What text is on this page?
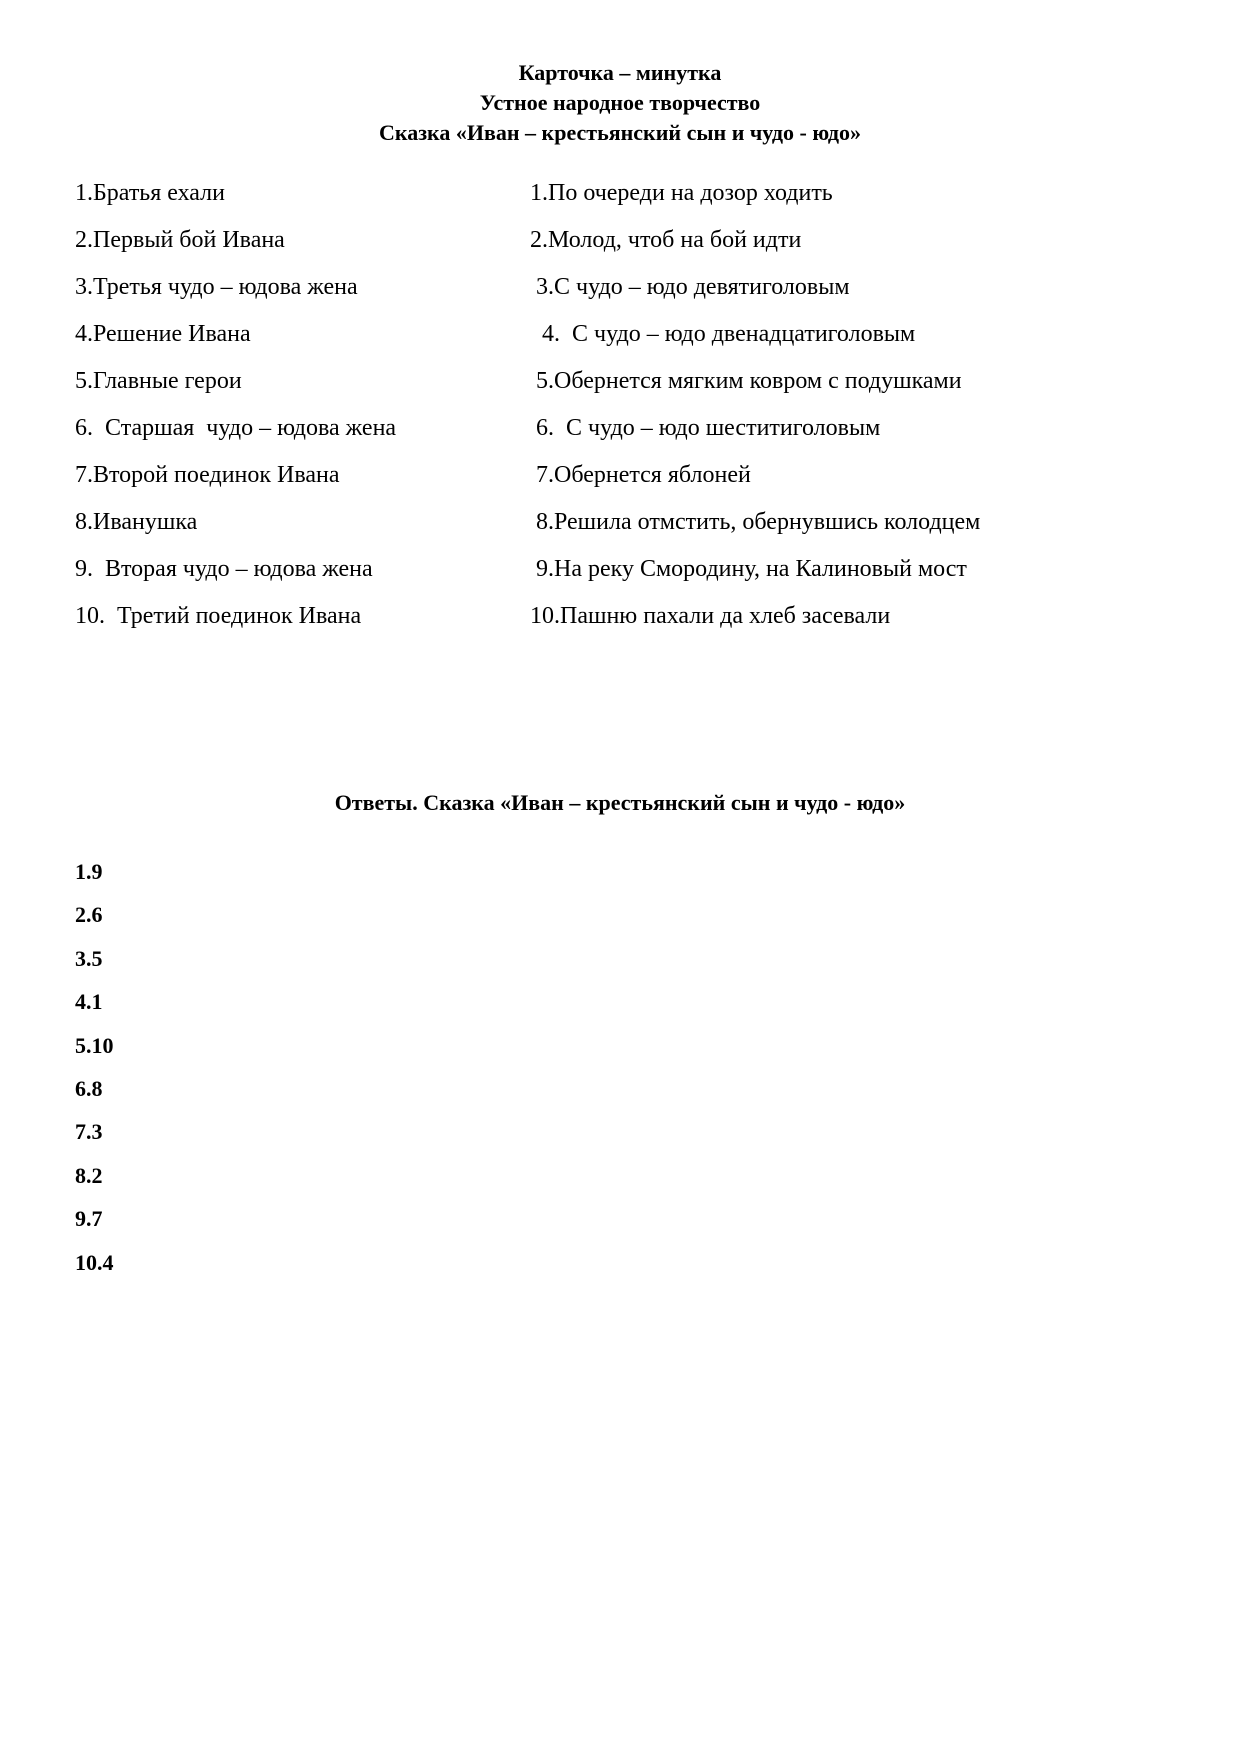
Карточка – минутка
Устное народное творчество
Сказка «Иван – крестьянский сын и чудо - юдо»
1.Братья ехали	1.По очереди на дозор ходить
2.Первый бой Ивана	2.Молод, чтоб на бой идти
3.Третья чудо – юдова жена	3.С чудо – юдо девятиголовым
4.Решение Ивана	4.  С чудо – юдо двенадцатиголовым
5.Главные герои	5.Обернется мягким ковром с подушками
6.  Старшая  чудо – юдова жена	6.  С чудо – юдо шеститиголовым
7.Второй поединок Ивана	7.Обернется яблоней
8.Иванушка	8.Решила отмстить, обернувшись колодцем
9.  Вторая чудо – юдова жена	9.На реку Смородину, на Калиновый мост
10.  Третий поединок Ивана	10.Пашню пахали да хлеб засевали
Ответы. Сказка «Иван – крестьянский сын и чудо - юдо»
1.9
2.6
3.5
4.1
5.10
6.8
7.3
8.2
9.7
10.4
